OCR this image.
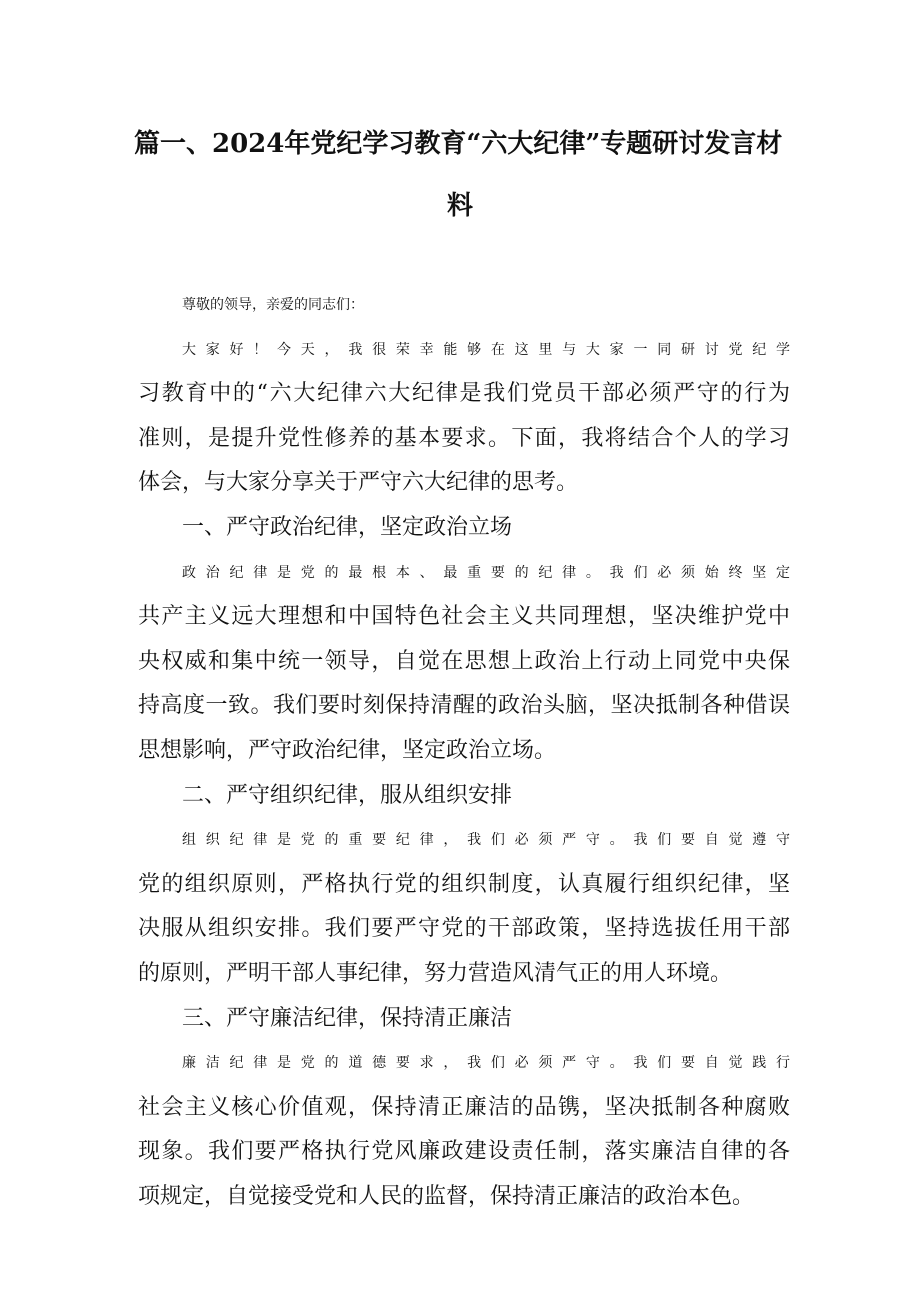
篇一、2024年党纪学习教育“六大纪律”专题研讨发言材
料

尊敬的领导，亲爱的同志们：

大家好！今天，我很荣幸能够在这里与大家一同研讨党纪学
习教育中的“六大纪律六大纪律是我们党员干部必须严守的行为
准则，是提升党性修养的基本要求。下面，我将结合个人的学习
体会，与大家分享关于严守六大纪律的思考。

一、严守政治纪律，坚定政治立场

政治纪律是党的最根本、最重要的纪律。我们必须始终坚定
共产主义远大理想和中国特色社会主义共同理想，坚决维护党中
央权威和集中统一领导，自觉在思想上政治上行动上同党中央保
持高度一致。我们要时刻保持清醒的政治头脑，坚决抵制各种借误
思想影响，严守政治纪律，坚定政治立场。

二、严守组织纪律，服从组织安排

组织纪律是党的重要纪律，我们必须严守。我们要自觉遵守
党的组织原则，严格执行党的组织制度，认真履行组织纪律，坚
决服从组织安排。我们要严守党的干部政策，坚持选拔任用干部
的原则，严明干部人事纪律，努力营造风清气正的用人环境。

三、严守廉洁纪律，保持清正廉洁

廉洁纪律是党的道德要求，我们必须严守。我们要自觉践行
社会主义核心价值观，保持清正廉洁的品镌，坚决抵制各种腐败
现象。我们要严格执行党风廉政建设责任制，落实廉洁自律的各
项规定，自觉接受党和人民的监督，保持清正廉洁的政治本色。
